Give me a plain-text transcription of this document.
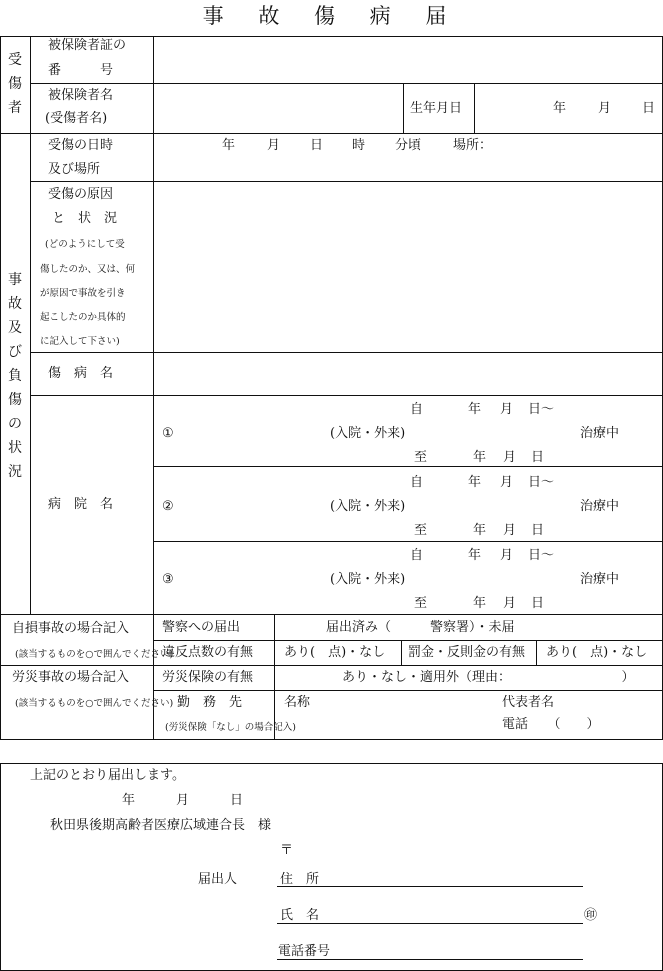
事 故 傷 病 届
受
傷
者
被保険者証の
番　　　号
被保険者名
(受傷者名)
生年月日	年 月 日
事
故
及
び
負
傷
の
状
況
受傷の日時
及び場所
年 月 日 時 分頃 場所：
受傷の原因
と　状　況
(どのようにして受
傷したのか、又は、何
が原因で事故を引き
起こしたのか具体的
に記入して下さい)
傷　病　名
病　院　名
自	年 月 日〜
①	(入院・外来)	治療中
至	年 月 日
自	年 月 日〜
②	(入院・外来)	治療中
至	年 月 日
自	年 月 日〜
③	(入院・外来)	治療中
至	年 月 日
自損事故の場合記入
(該当するものを○で囲んでください)
警察への届出	届出済み（　　　警察署）・未届
違反点数の有無 あり(　点)・なし 罰金・反則金の有無 あり(　点)・なし
労災事故の場合記入
(該当するものを○で囲んでください)
労災保険の有無	あり・なし・適用外（理由：　　　　　　　　　）
勤　務　先
(労災保険「なし」の場合記入)
名称	代表者名
電話　　（　　）
上記のとおり届出します。
年	月	日
秋田県後期高齢者医療広域連合長　様
〒
届出人	住　所
氏　名	㊞
電話番号
